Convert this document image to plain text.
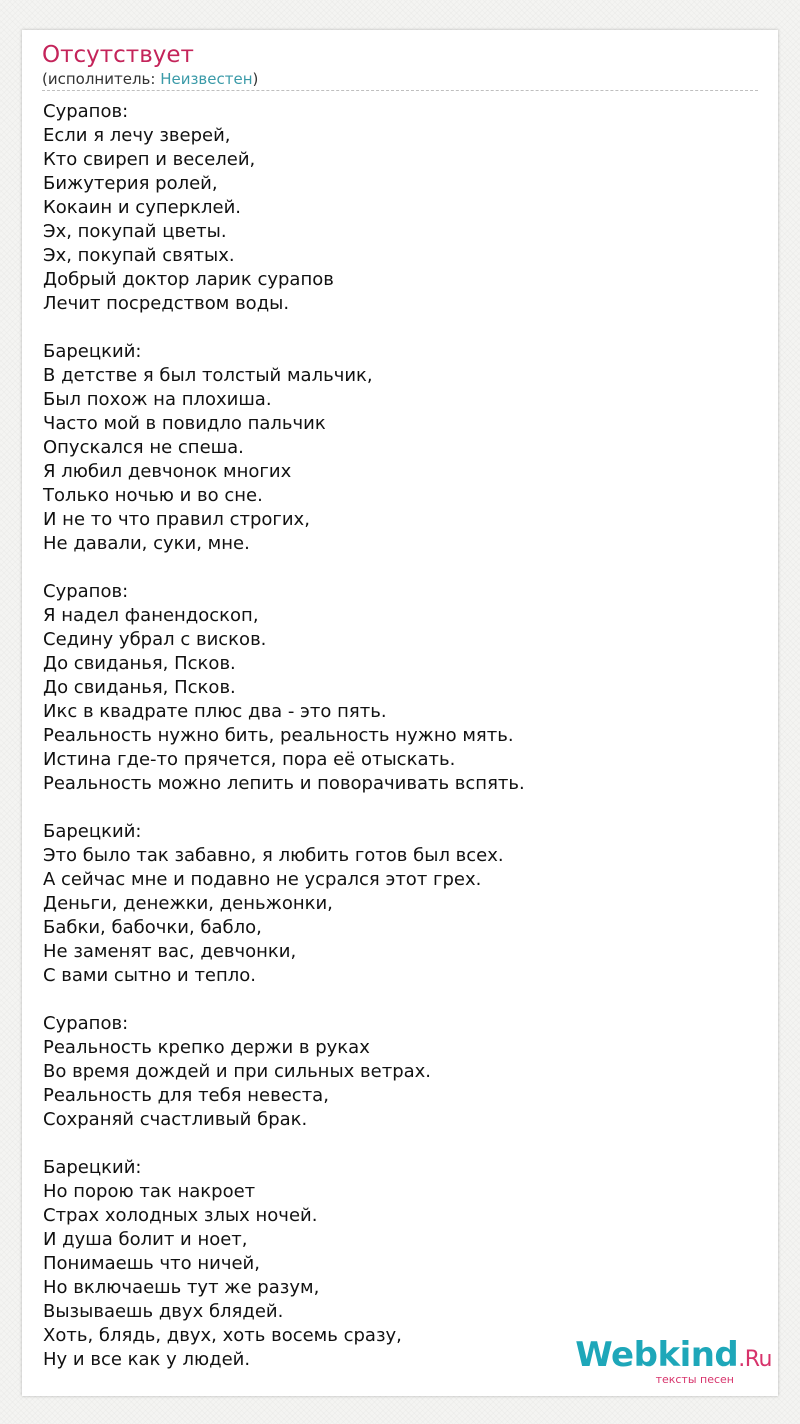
Отсутствует
(исполнитель: Неизвестен)
Сурапов:
Если я лечу зверей,
Кто свиреп и веселей,
Бижутерия ролей,
Кокаин и суперклей.
Эх, покупай цветы.
Эх, покупай святых.
Добрый доктор ларик сурапов
Лечит посредством воды.
Барецкий:
В детстве я был толстый мальчик,
Был похож на плохиша.
Часто мой в повидло пальчик
Опускался не спеша.
Я любил девчонок многих
Только ночью и во сне.
И не то что правил строгих,
Не давали, суки, мне.
Сурапов:
Я надел фанендоскоп,
Седину убрал с висков.
До свиданья, Псков.
До свиданья, Псков.
Икс в квадрате плюс два - это пять.
Реальность нужно бить, реальность нужно мять.
Истина где-то прячется, пора её отыскать.
Реальность можно лепить и поворачивать вспять.
Барецкий:
Это было так забавно, я любить готов был всех.
А сейчас мне и подавно не усрался этот грех.
Деньги, денежки, деньжонки,
Бабки, бабочки, бабло,
Не заменят вас, девчонки,
С вами сытно и тепло.
Сурапов:
Реальность крепко держи в руках
Во время дождей и при сильных ветрах.
Реальность для тебя невеста,
Сохраняй счастливый брак.
Барецкий:
Но порою так накроет
Страх холодных злых ночей.
И душа болит и ноет,
Понимаешь что ничей,
Но включаешь тут же разум,
Вызываешь двух блядей.
Хоть, блядь, двух, хоть восемь сразу,
Ну и все как у людей.	Webkind.Ru
тексты песен
